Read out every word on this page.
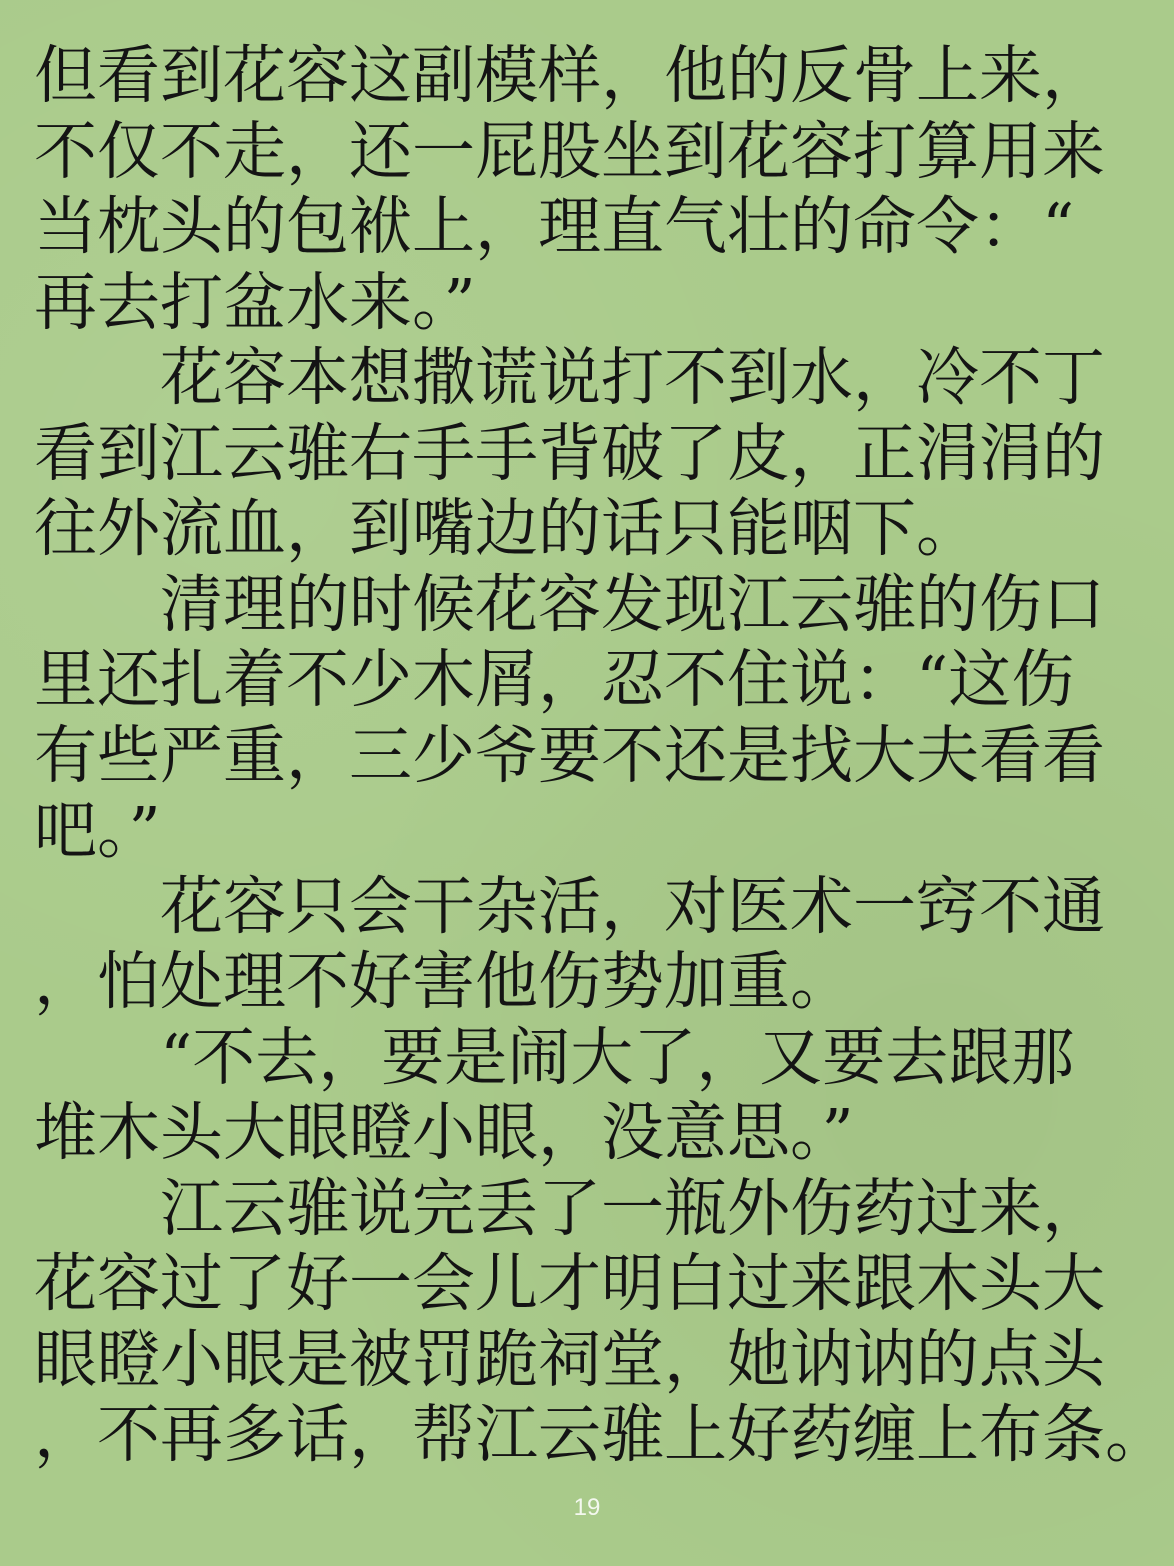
但看到花容这副模样，他的反骨上来，
不仅不走，还一屁股坐到花容打算用来
当枕头的包袱上，理直气壮的命令：“
再去打盆水来。”
　　花容本想撒谎说打不到水，冷不丁
看到江云骓右手手背破了皮，正涓涓的
往外流血，到嘴边的话只能咽下。
　　清理的时候花容发现江云骓的伤口
里还扎着不少木屑，忍不住说：“这伤
有些严重，三少爷要不还是找大夫看看
吧。”
　　花容只会干杂活，对医术一窍不通
，怕处理不好害他伤势加重。
　　“不去，要是闹大了，又要去跟那
堆木头大眼瞪小眼，没意思。”
　　江云骓说完丢了一瓶外伤药过来，
花容过了好一会儿才明白过来跟木头大
眼瞪小眼是被罚跪祠堂，她讷讷的点头
，不再多话，帮江云骓上好药缠上布条。
19
